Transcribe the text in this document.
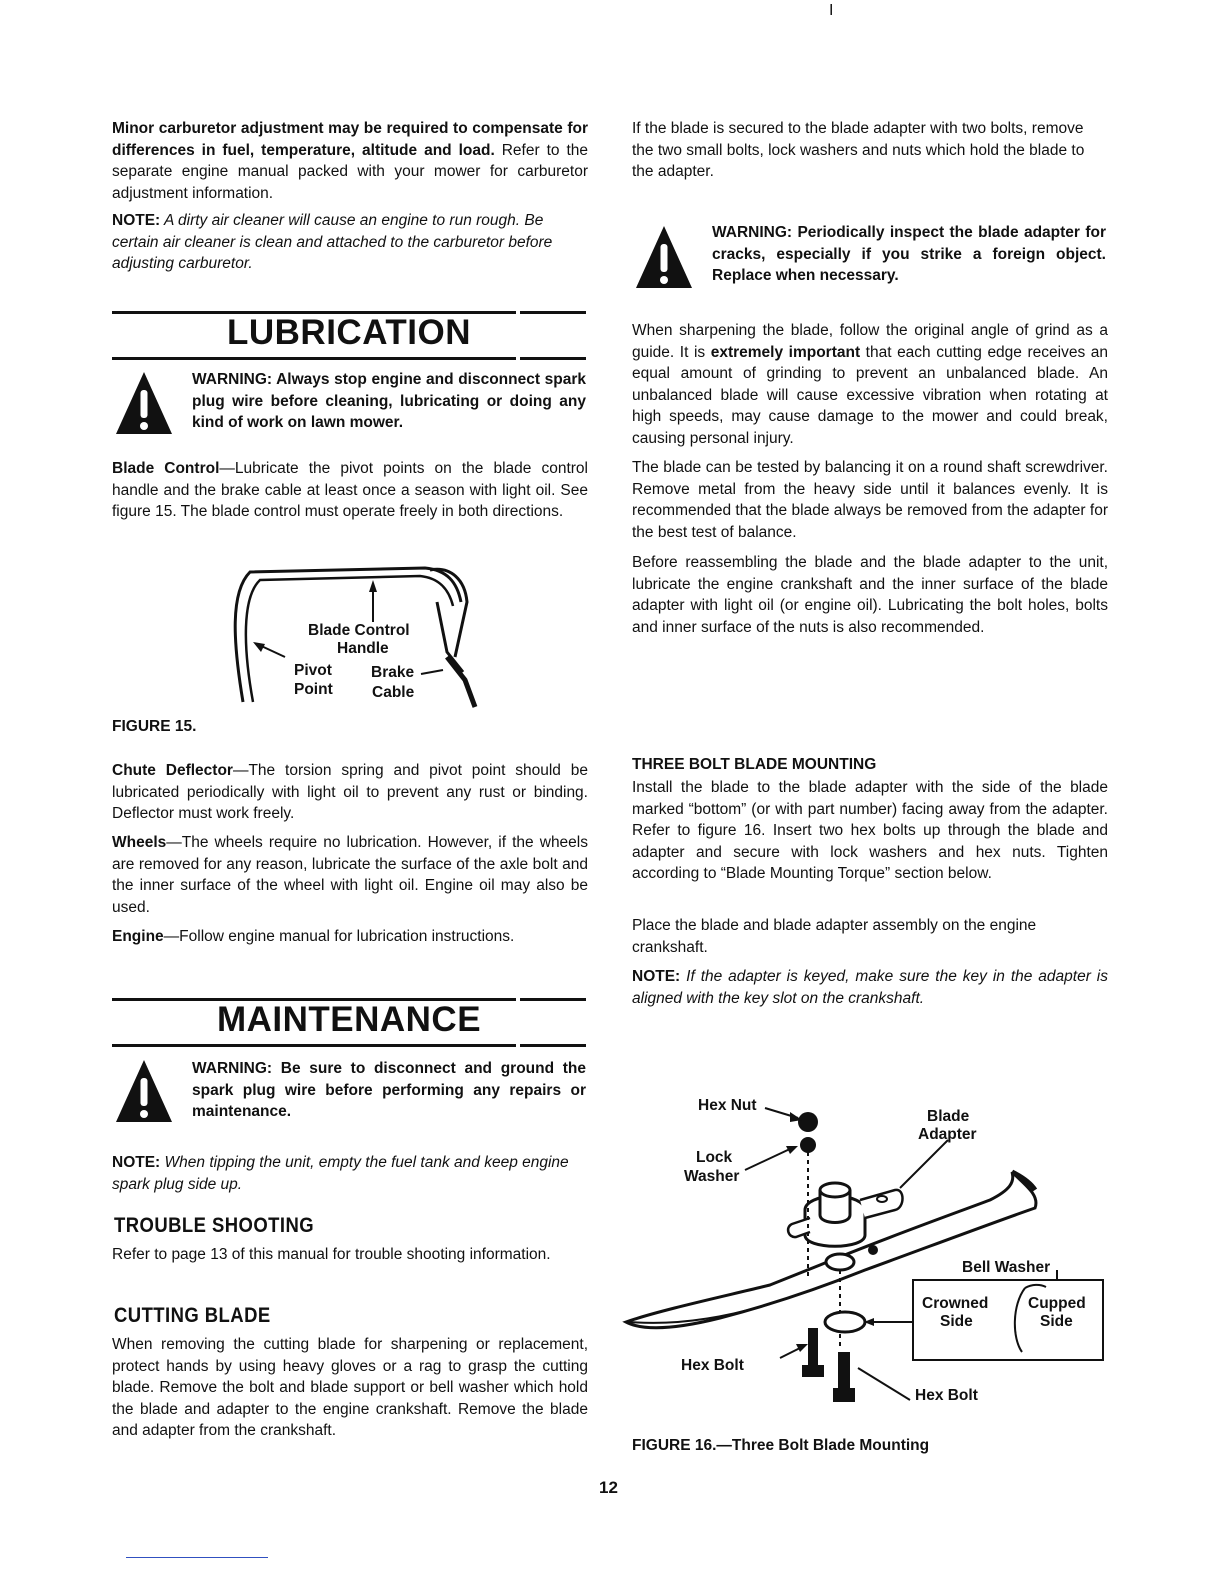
I

Minor carburetor adjustment may be required to compensate for differences in fuel, temperature, altitude and load. Refer to the separate engine manual packed with your mower for carburetor adjustment information.

NOTE: A dirty air cleaner will cause an engine to run rough. Be certain air cleaner is clean and attached to the carburetor before adjusting carburetor.

LUBRICATION

WARNING: Always stop engine and disconnect spark plug wire before cleaning, lubricating or doing any kind of work on lawn mower.

Blade Control—Lubricate the pivot points on the blade control handle and the brake cable at least once a season with light oil. See figure 15. The blade control must operate freely in both directions.

Blade Control
Handle
Pivot
Point
Brake
Cable
FIGURE 15.

Chute Deflector—The torsion spring and pivot point should be lubricated periodically with light oil to prevent any rust or binding. Deflector must work freely.

Wheels—The wheels require no lubrication. However, if the wheels are removed for any reason, lubricate the surface of the axle bolt and the inner surface of the wheel with light oil. Engine oil may also be used.

Engine—Follow engine manual for lubrication instructions.

MAINTENANCE

WARNING: Be sure to disconnect and ground the spark plug wire before performing any repairs or maintenance.

NOTE: When tipping the unit, empty the fuel tank and keep engine spark plug side up.

TROUBLE SHOOTING

Refer to page 13 of this manual for trouble shooting information.

CUTTING BLADE

When removing the cutting blade for sharpening or replacement, protect hands by using heavy gloves or a rag to grasp the cutting blade. Remove the bolt and blade support or bell washer which hold the blade and adapter to the engine crankshaft. Remove the blade and adapter from the crankshaft.

If the blade is secured to the blade adapter with two bolts, remove the two small bolts, lock washers and nuts which hold the blade to the adapter.

WARNING: Periodically inspect the blade adapter for cracks, especially if you strike a foreign object. Replace when necessary.

When sharpening the blade, follow the original angle of grind as a guide. It is extremely important that each cutting edge receives an equal amount of grinding to prevent an unbalanced blade. An unbalanced blade will cause excessive vibration when rotating at high speeds, may cause damage to the mower and could break, causing personal injury.

The blade can be tested by balancing it on a round shaft screwdriver. Remove metal from the heavy side until it balances evenly. It is recommended that the blade always be removed from the adapter for the best test of balance.

Before reassembling the blade and the blade adapter to the unit, lubricate the engine crankshaft and the inner surface of the blade adapter with light oil (or engine oil). Lubricating the bolt holes, bolts and inner surface of the nuts is also recommended.

THREE BOLT BLADE MOUNTING

Install the blade to the blade adapter with the side of the blade marked “bottom” (or with part number) facing away from the adapter. Refer to figure 16. Insert two hex bolts up through the blade and adapter and secure with lock washers and hex nuts. Tighten according to “Blade Mounting Torque” section below.

Place the blade and blade adapter assembly on the engine crankshaft.

NOTE: If the adapter is keyed, make sure the key in the adapter is aligned with the key slot on the crankshaft.

Hex Nut
Lock
Washer
Blade
Adapter
Bell Washer
Crowned
Side
Cupped
Side
Hex Bolt
Hex Bolt
FIGURE 16.—Three Bolt Blade Mounting
12
